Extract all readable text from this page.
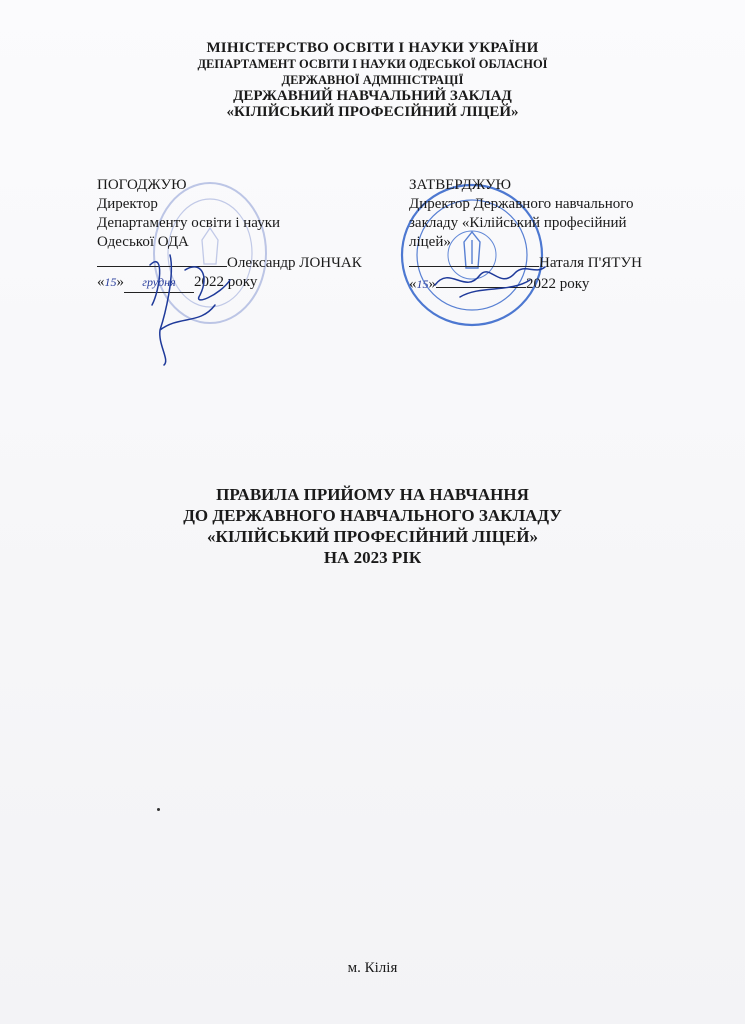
МІНІСТЕРСТВО ОСВІТИ І НАУКИ УКРАЇНИ
ДЕПАРТАМЕНТ ОСВІТИ І НАУКИ ОДЕСЬКОЇ ОБЛАСНОЇ
ДЕРЖАВНОЇ АДМІНІСТРАЦІЇ
ДЕРЖАВНИЙ НАВЧАЛЬНИЙ ЗАКЛАД
«КІЛІЙСЬКИЙ ПРОФЕСІЙНИЙ ЛІЦЕЙ»
ПОГОДЖУЮ
Директор
Департаменту освіти і науки
Одеської ОДА
Олександр ЛОНЧАК
«15» грудня 2022 року
ЗАТВЕРДЖУЮ
Директор Державного навчального
закладу «Кілійський професійний
ліцей»
Наталя П'ЯТУН
«15»	2022 року
ПРАВИЛА ПРИЙОМУ НА НАВЧАННЯ
ДО ДЕРЖАВНОГО НАВЧАЛЬНОГО ЗАКЛАДУ
«КІЛІЙСЬКИЙ ПРОФЕСІЙНИЙ ЛІЦЕЙ»
НА 2023 РІК
м. Кілія
